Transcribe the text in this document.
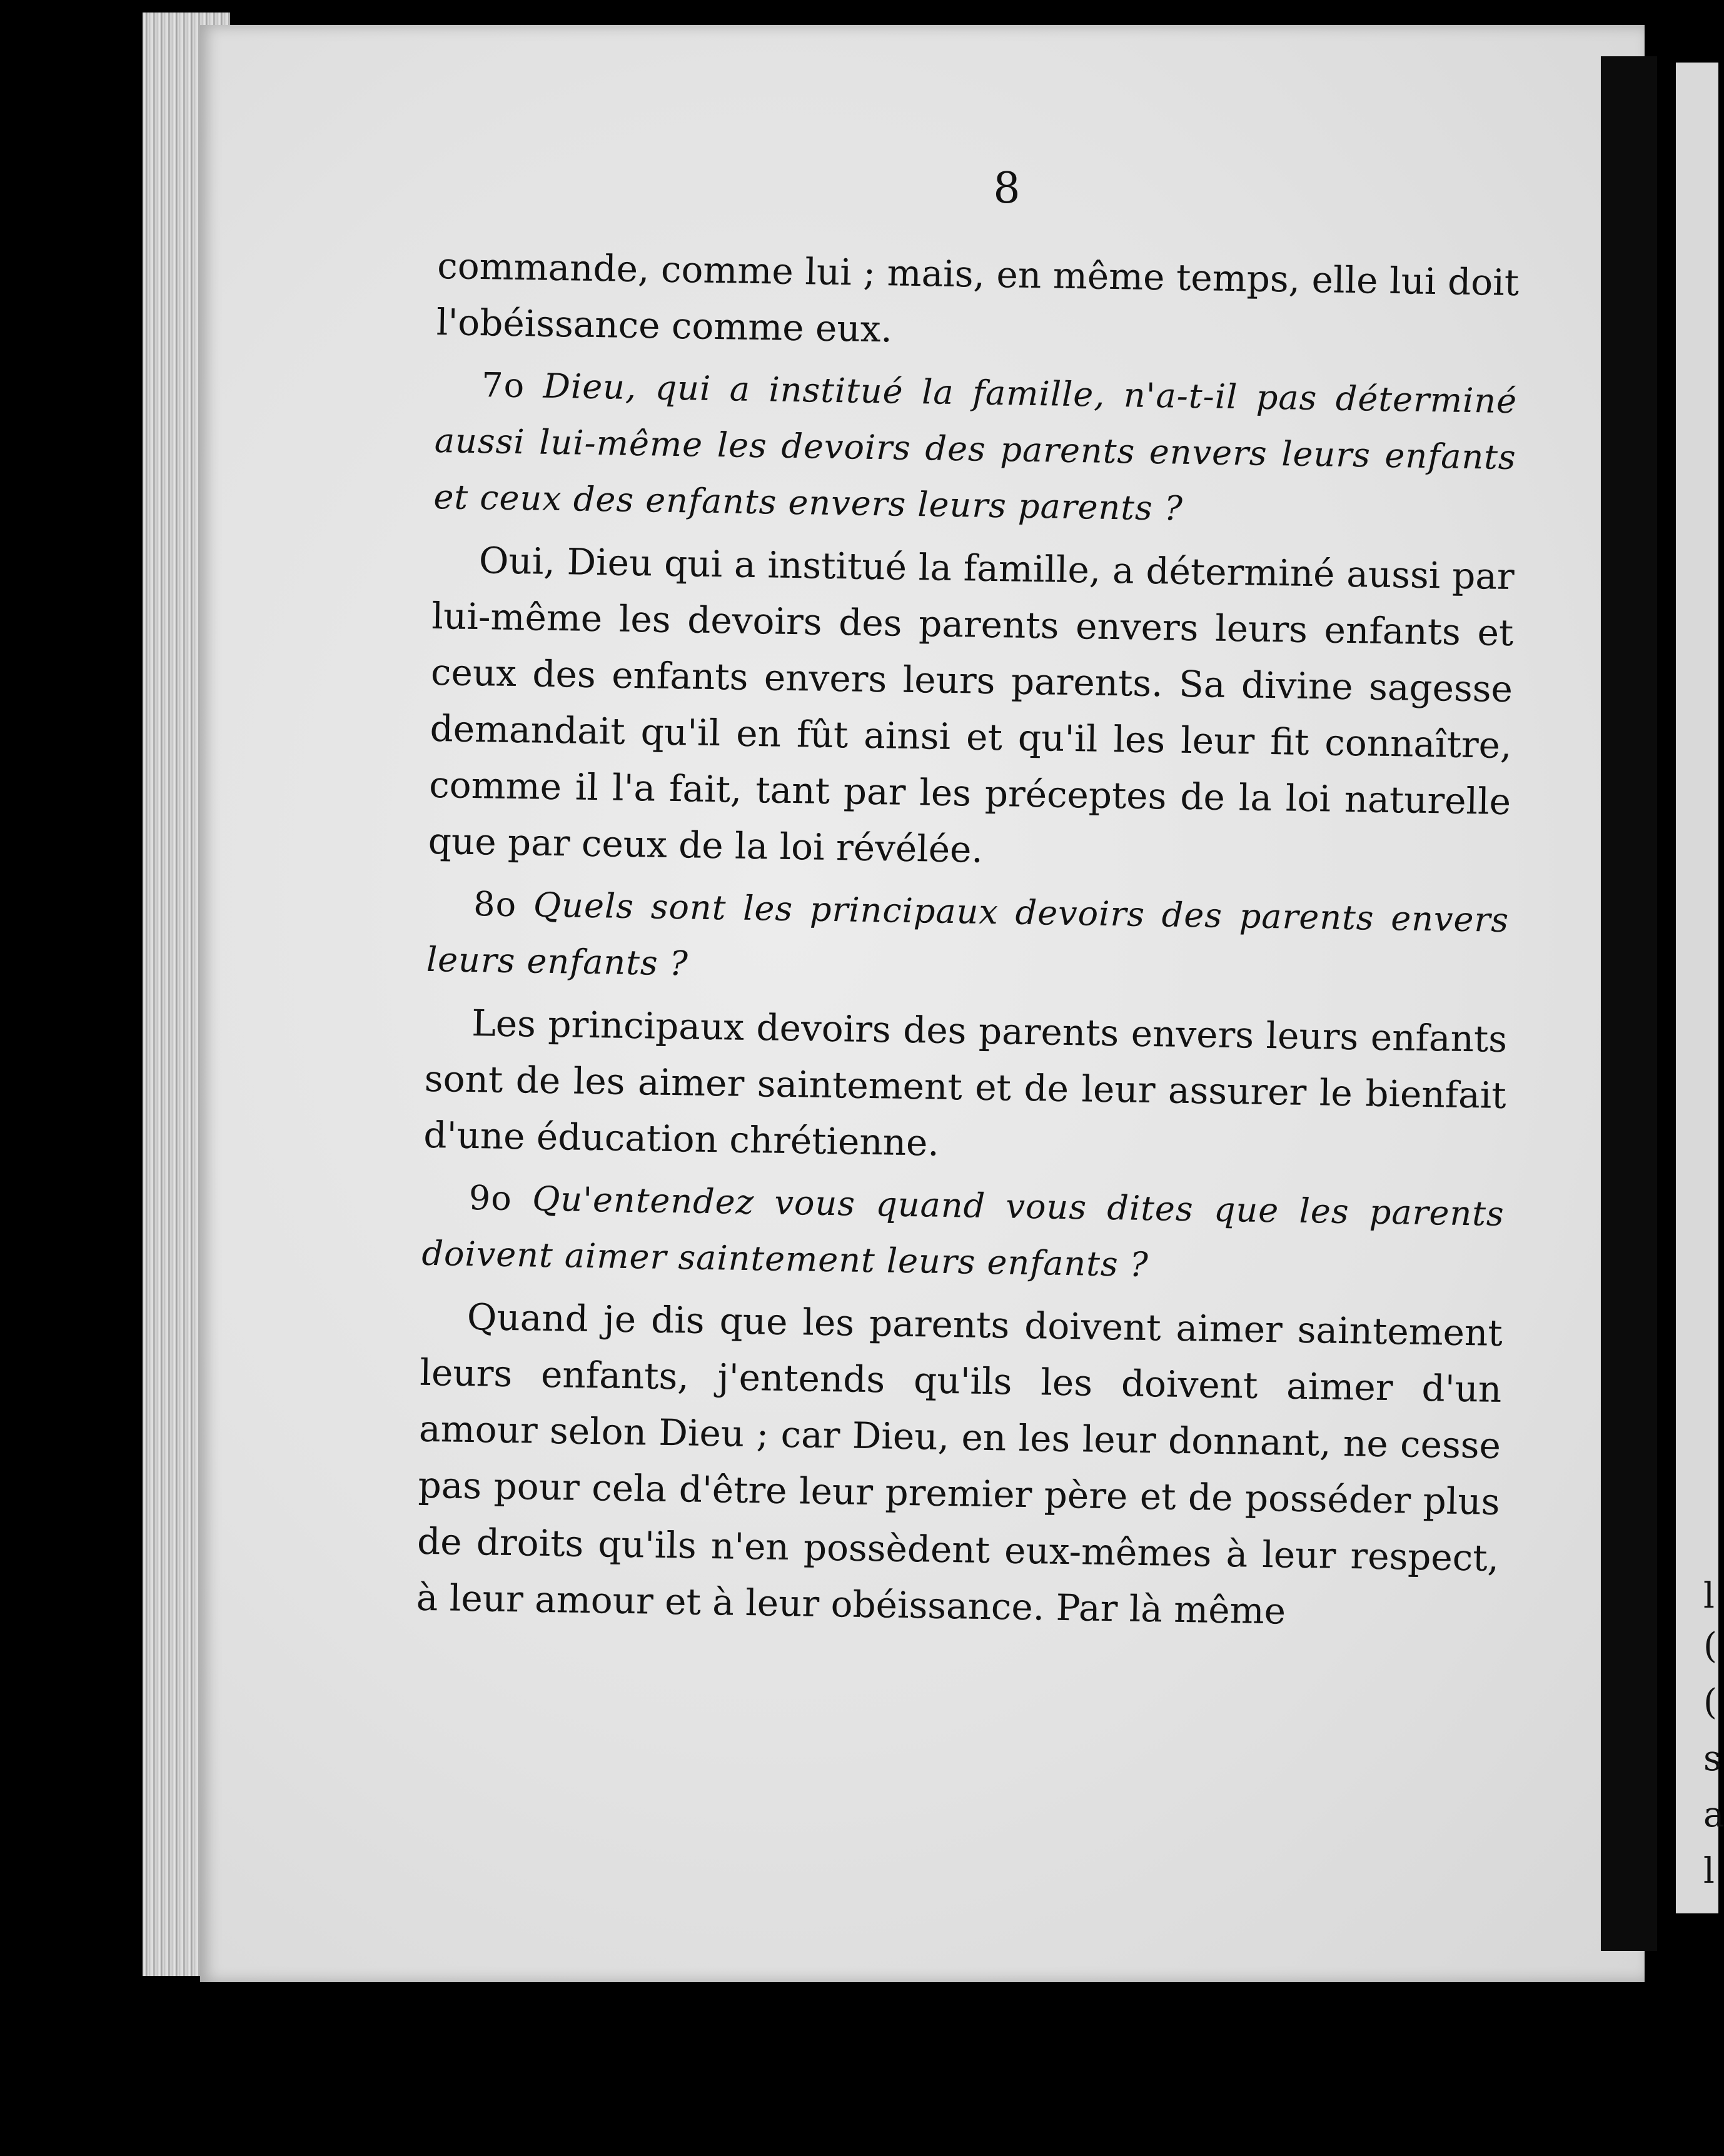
l
(
(
s
a
l
8

commande, comme lui ; mais, en même temps, elle lui doit l'obéissance comme eux.

7o Dieu, qui a institué la famille, n'a-t-il pas déterminé aussi lui-même les devoirs des parents envers leurs enfants et ceux des enfants envers leurs parents ?

Oui, Dieu qui a institué la famille, a déterminé aussi par lui-même les devoirs des parents envers leurs enfants et ceux des enfants envers leurs parents. Sa divine sagesse demandait qu'il en fût ainsi et qu'il les leur fit connaître, comme il l'a fait, tant par les préceptes de la loi naturelle que par ceux de la loi révélée.

8o Quels sont les principaux devoirs des parents envers leurs enfants ?

Les principaux devoirs des parents envers leurs enfants sont de les aimer saintement et de leur assurer le bienfait d'une éducation chrétienne.

9o Qu'entendez vous quand vous dites que les parents doivent aimer saintement leurs enfants ?

Quand je dis que les parents doivent aimer saintement leurs enfants, j'entends qu'ils les doivent aimer d'un amour selon Dieu ; car Dieu, en les leur donnant, ne cesse pas pour cela d'être leur premier père et de posséder plus de droits qu'ils n'en possèdent eux-mêmes à leur respect, à leur amour et à leur obéissance. Par là même
